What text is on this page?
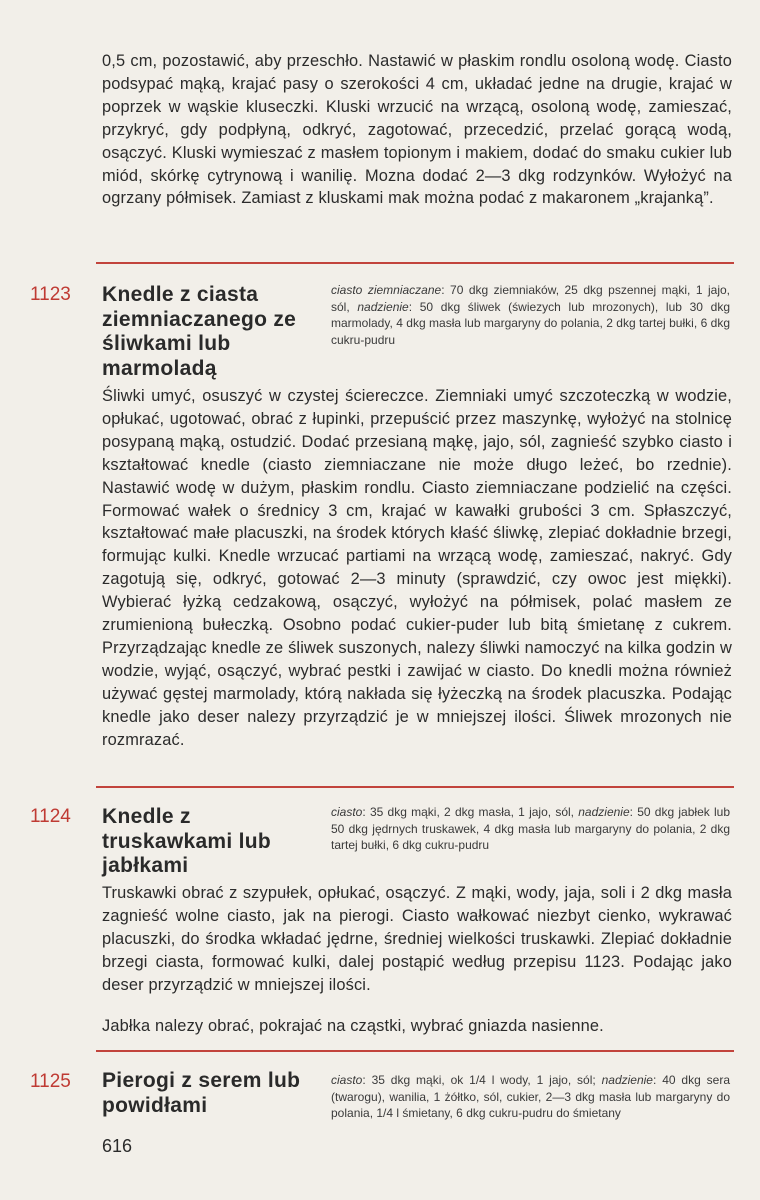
0,5 cm, pozostawić, aby przeschło. Nastawić w płaskim rondlu osoloną wodę. Ciasto podsypać mąką, krajać pasy o szerokości 4 cm, układać jedne na drugie, krajać w poprzek w wąskie kluseczki. Kluski wrzucić na wrzącą, osoloną wodę, zamieszać, przykryć, gdy podpłyną, odkryć, zagotować, przecedzić, przelać gorącą wodą, osączyć. Kluski wymieszać z masłem topionym i makiem, dodać do smaku cukier lub miód, skórkę cytrynową i wanilię. Mozna dodać 2—3 dkg rodzynków. Wyłożyć na ogrzany półmisek. Zamiast z kluskami mak można podać z makaronem „krajanką”.
1123 Knedle z ciasta ziemniaczanego ze śliwkami lub marmoladą
ciasto ziemniaczane: 70 dkg ziemniaków, 25 dkg pszennej mąki, 1 jajo, sól, nadzienie: 50 dkg śliwek (świezych lub mrozonych), lub 30 dkg marmolady, 4 dkg masła lub margaryny do polania, 2 dkg tartej bułki, 6 dkg cukru-pudru
Śliwki umyć, osuszyć w czystej ściereczce. Ziemniaki umyć szczoteczką w wodzie, opłukać, ugotować, obrać z łupinki, przepuścić przez maszynkę, wyłożyć na stolnicę posypaną mąką, ostudzić. Dodać przesianą mąkę, jajo, sól, zagnieść szybko ciasto i kształtować knedle (ciasto ziemniaczane nie może długo leżeć, bo rzednie). Nastawić wodę w dużym, płaskim rondlu. Ciasto ziemniaczane podzielić na części. Formować wałek o średnicy 3 cm, krajać w kawałki grubości 3 cm. Spłaszczyć, kształtować małe placuszki, na środek których kłaść śliwkę, zlepiać dokładnie brzegi, formując kulki. Knedle wrzucać partiami na wrzącą wodę, zamieszać, nakryć. Gdy zagotują się, odkryć, gotować 2—3 minuty (sprawdzić, czy owoc jest miękki). Wybierać łyżką cedzakową, osączyć, wyłożyć na półmisek, polać masłem ze zrumienioną bułeczką. Osobno podać cukier-puder lub bitą śmietanę z cukrem. Przyrządzając knedle ze śliwek suszonych, nalezy śliwki namoczyć na kilka godzin w wodzie, wyjąć, osączyć, wybrać pestki i zawijać w ciasto. Do knedli można również używać gęstej marmolady, którą nakłada się łyżeczką na środek placuszka. Podając knedle jako deser nalezy przyrządzić je w mniejszej ilości. Śliwek mrozonych nie rozmrazać.
1124 Knedle z truskawkami lub jabłkami
ciasto: 35 dkg mąki, 2 dkg masła, 1 jajo, sól, nadzienie: 50 dkg jabłek lub 50 dkg jędrnych truskawek, 4 dkg masła lub margaryny do polania, 2 dkg tartej bułki, 6 dkg cukru-pudru
Truskawki obrać z szypułek, opłukać, osączyć. Z mąki, wody, jaja, soli i 2 dkg masła zagnieść wolne ciasto, jak na pierogi. Ciasto wałkować niezbyt cienko, wykrawać placuszki, do środka wkładać jędrne, średniej wielkości truskawki. Zlepiać dokładnie brzegi ciasta, formować kulki, dalej postąpić według przepisu 1123. Podając jako deser przyrządzić w mniejszej ilości.
Jabłka nalezy obrać, pokrajać na cząstki, wybrać gniazda nasienne.
1125 Pierogi z serem lub powidłami
ciasto: 35 dkg mąki, ok 1/4 l wody, 1 jajo, sól; nadzienie: 40 dkg sera (twarogu), wanilia, 1 żółtko, sól, cukier, 2—3 dkg masła lub margaryny do polania, 1/4 l śmietany, 6 dkg cukru-pudru do śmietany
616
